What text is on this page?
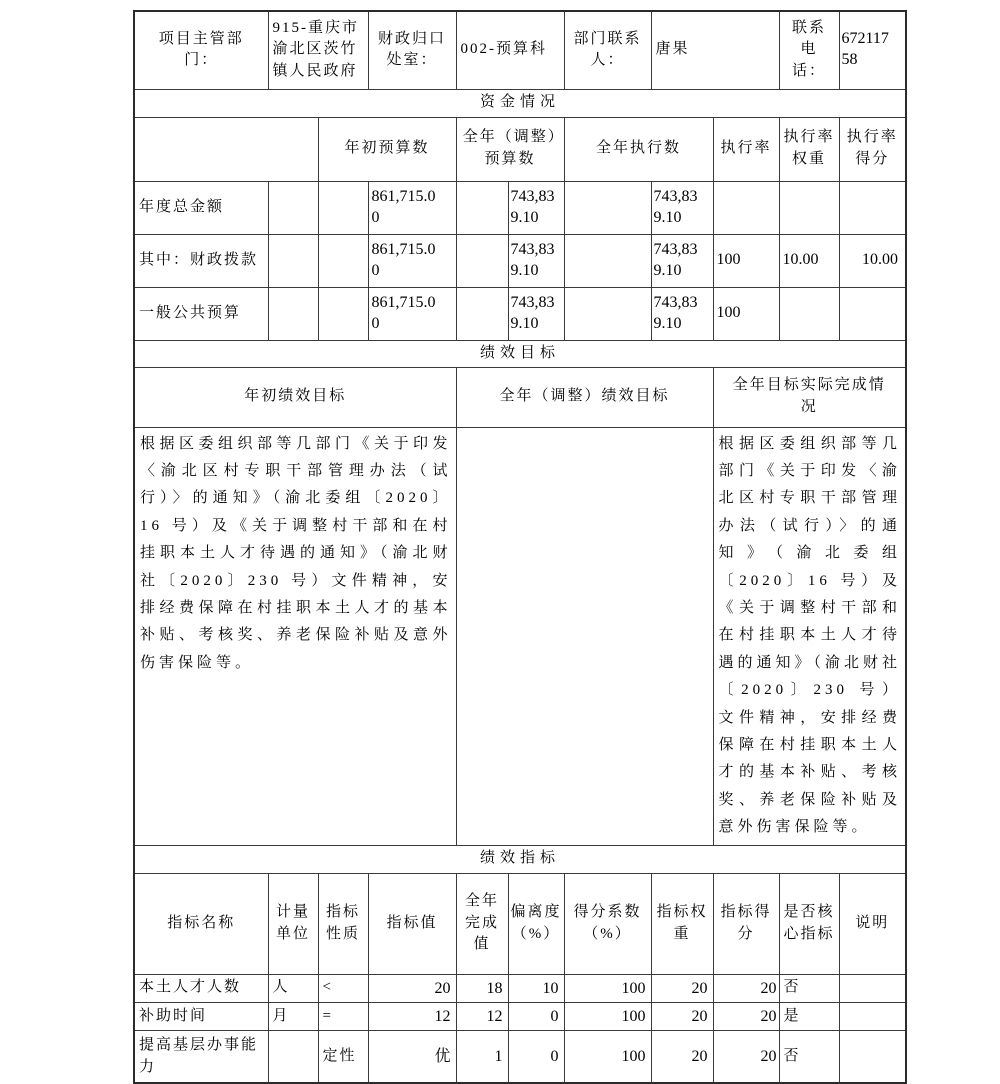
项目主管部门：	915-重庆市渝北区茨竹镇人民政府		财政归口处室：	002-预算科		部门联系人：	唐果		联系电话：	67211758
资金情况										
		年初预算数		全年（调整）预算数		全年执行数		执行率	执行率权重	执行率得分
年度总金额			861,715.00		743,839.10		743,839.10			
其中：财政拨款			861,715.00		743,839.10		743,839.10	100	10.00	10.00
一般公共预算			861,715.00		743,839.10		743,839.10	100		
绩效目标										
年初绩效目标				全年（调整）绩效目标				全年目标实际完成情况		
根据区委组织部等几部门《关于印发〈渝北区村专职干部管理办法（试行）〉的通知》（渝北委组〔2020〕16 号）及《关于调整村干部和在村挂职本土人才待遇的通知》（渝北财社〔2020〕230 号）文件精神，安排经费保障在村挂职本土人才的基本补贴、考核奖、养老保险补贴及意外伤害保险等。								根据区委组织部等几部门《关于印发〈渝北区村专职干部管理办法（试行）〉的通知》（渝北委组〔2020〕16 号）及《关于调整村干部和在村挂职本土人才待遇的通知》（渝北财社〔2020〕230 号）文件精神，安排经费保障在村挂职本土人才的基本补贴、考核奖、养老保险补贴及意外伤害保险等。		
绩效指标										
指标名称	计量单位	指标性质	指标值	全年完成值	偏离度（%）	得分系数（%）	指标权重	指标得分	是否核心指标	说明
本土人才人数	人	<	20	18	10	100	20	20	否	
补助时间	月	=	12	12	0	100	20	20	是	
提高基层办事能力		定性	优	1	0	100	20	20	否	
